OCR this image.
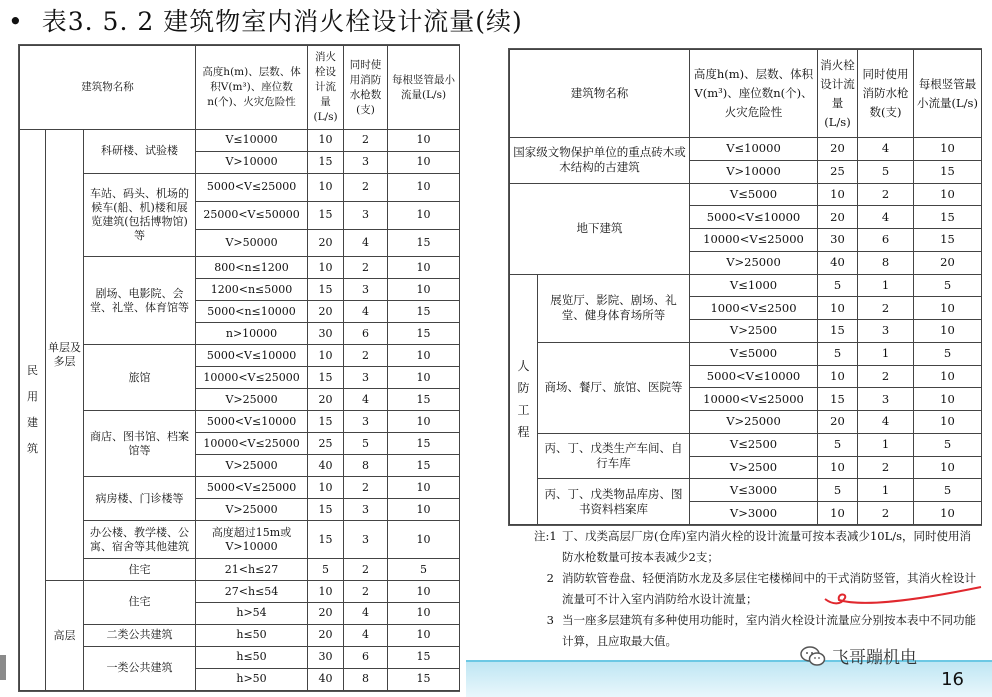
• 表3. 5. 2 建筑物室内消火栓设计流量(续)
建筑物名称			高度h(m)、层数、体积V(m³)、座位数n(个)、火灾危险性	消火栓设计流量(L/s)	同时使用消防水枪数(支)	每根竖管最小流量(L/s)

民用建筑	单层及多层	科研楼、试验楼	V≤10000	10	2	10
			V>10000	15	3	10
		车站、码头、机场的候车(船、机)楼和展览建筑(包括博物馆)等	5000<V≤25000	10	2	10
			25000<V≤50000	15	3	10
			V>50000	20	4	15
		剧场、电影院、会堂、礼堂、体育馆等	800<n≤1200	10	2	10
			1200<n≤5000	15	3	10
			5000<n≤10000	20	4	15
			n>10000	30	6	15
		旅馆	5000<V≤10000	10	2	10
			10000<V≤25000	15	3	10
			V>25000	20	4	15
		商店、图书馆、档案馆等	5000<V≤10000	15	3	10
			10000<V≤25000	25	5	15
			V>25000	40	8	15
		病房楼、门诊楼等	5000<V≤25000	10	2	10
			V>25000	15	3	10
		办公楼、教学楼、公寓、宿舍等其他建筑	高度超过15m或V>10000	15	3	10
		住宅	21<h≤27	5	2	5
	高层	住宅	27<h≤54	10	2	10
			h>54	20	4	10
		二类公共建筑	h≤50	20	4	10
		一类公共建筑	h≤50	30	6	15
			h>50	40	8	15
建筑物名称		高度h(m)、层数、体积V(m³)、座位数n(个)、火灾危险性	消火栓设计流量(L/s)	同时使用消防水枪数(支)	每根竖管最小流量(L/s)
国家级文物保护单位的重点砖木或木结构的古建筑		V≤10000	20	4	10
		V>10000	25	5	15
地下建筑		V≤5000	10	2	10
		5000<V≤10000	20	4	15
		10000<V≤25000	30	6	15
		V>25000	40	8	20

人防工程	展览厅、影院、剧场、礼堂、健身体育场所等	V≤1000	5	1	5
		1000<V≤2500	10	2	10
		V>2500	15	3	10
	商场、餐厅、旅馆、医院等	V≤5000	5	1	5
		5000<V≤10000	10	2	10
		10000<V≤25000	15	3	10
		V>25000	20	4	10
	丙、丁、戊类生产车间、自行车库	V≤2500	5	1	5
		V>2500	10	2	10
	丙、丁、戊类物品库房、图书资料档案库	V≤3000	5	1	5
		V>3000	10	2	10
注:1 丁、戊类高层厂房(仓库)室内消火栓的设计流量可按本表减少10L/s，同时使用消防水枪数量可按本表减少2支；
2 消防软管卷盘、轻便消防水龙及多层住宅楼梯间中的干式消防竖管，其消火栓设计流量可不计入室内消防给水设计流量；
3 当一座多层建筑有多种使用功能时，室内消火栓设计流量应分别按本表中不同功能计算，且应取最大值。
16
飞哥蹦机电
